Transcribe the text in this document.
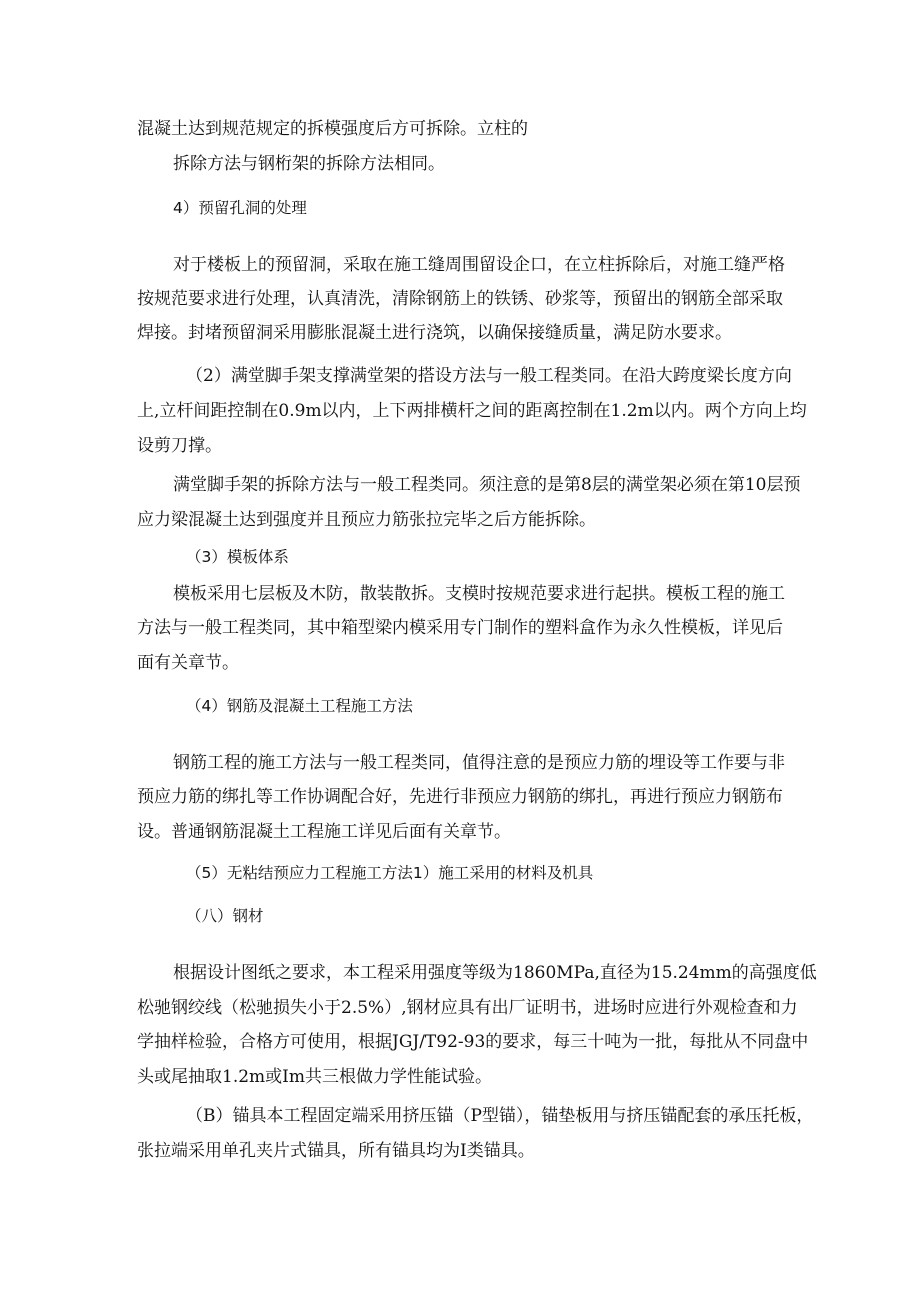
混凝土达到规范规定的拆模强度后方可拆除。立柱的

拆除方法与钢桁架的拆除方法相同。

4）预留孔洞的处理

对于楼板上的预留洞，采取在施工缝周围留设企口，在立柱拆除后，对施工缝严格

按规范要求进行处理，认真清洗，清除钢筋上的铁锈、砂浆等，预留出的钢筋全部采取

焊接。封堵预留洞采用膨胀混凝土进行浇筑，以确保接缝质量，满足防水要求。

（2）满堂脚手架支撑满堂架的搭设方法与一般工程类同。在沿大跨度梁长度方向

上,立杆间距控制在0.9m以内，上下两排横杆之间的距离控制在1.2m以内。两个方向上均

设剪刀撑。

满堂脚手架的拆除方法与一般工程类同。须注意的是第8层的满堂架必须在第10层预

应力梁混凝土达到强度并且预应力筋张拉完毕之后方能拆除。

（3）模板体系

模板采用七层板及木防，散装散拆。支模时按规范要求进行起拱。模板工程的施工

方法与一般工程类同，其中箱型梁内模采用专门制作的塑料盒作为永久性模板，详见后

面有关章节。

（4）钢筋及混凝土工程施工方法

钢筋工程的施工方法与一般工程类同，值得注意的是预应力筋的埋设等工作要与非

预应力筋的绑扎等工作协调配合好，先进行非预应力钢筋的绑扎，再进行预应力钢筋布

设。普通钢筋混凝土工程施工详见后面有关章节。

（5）无粘结预应力工程施工方法1）施工采用的材料及机具

（八）钢材

根据设计图纸之要求，本工程采用强度等级为1860MPa,直径为15.24mm的高强度低

松驰钢绞线（松驰损失小于2.5%）,钢材应具有出厂证明书，进场时应进行外观检查和力

学抽样检验，合格方可使用，根据JGJ/T92-93的要求，每三十吨为一批，每批从不同盘中

头或尾抽取1.2m或Im共三根做力学性能试验。

（B）锚具本工程固定端采用挤压锚（P型锚），锚垫板用与挤压锚配套的承压托板，

张拉端采用单孔夹片式锚具，所有锚具均为I类锚具。
